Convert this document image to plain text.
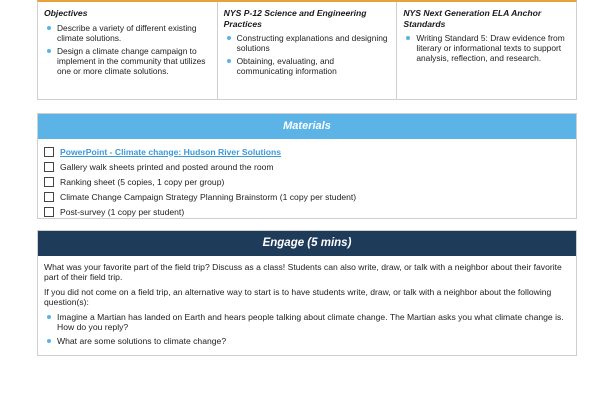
Objectives
Describe a variety of different existing climate solutions.
Design a climate change campaign to implement in the community that utilizes one or more climate solutions.
NYS P-12 Science and Engineering Practices
Constructing explanations and designing solutions
Obtaining, evaluating, and communicating information
NYS Next Generation ELA Anchor Standards
Writing Standard 5: Draw evidence from literary or informational texts to support analysis, reflection, and research.
Materials
PowerPoint - Climate change: Hudson River Solutions
Gallery walk sheets printed and posted around the room
Ranking sheet (5 copies, 1 copy per group)
Climate Change Campaign Strategy Planning Brainstorm (1 copy per student)
Post-survey (1 copy per student)
Engage (5 mins)

What was your favorite part of the field trip? Discuss as a class! Students can also write, draw, or talk with a neighbor about their favorite part of their field trip.

If you did not come on a field trip, an alternative way to start is to have students write, draw, or talk with a neighbor about the following question(s):

Imagine a Martian has landed on Earth and hears people talking about climate change. The Martian asks you what climate change is. How do you reply?
What are some solutions to climate change?
